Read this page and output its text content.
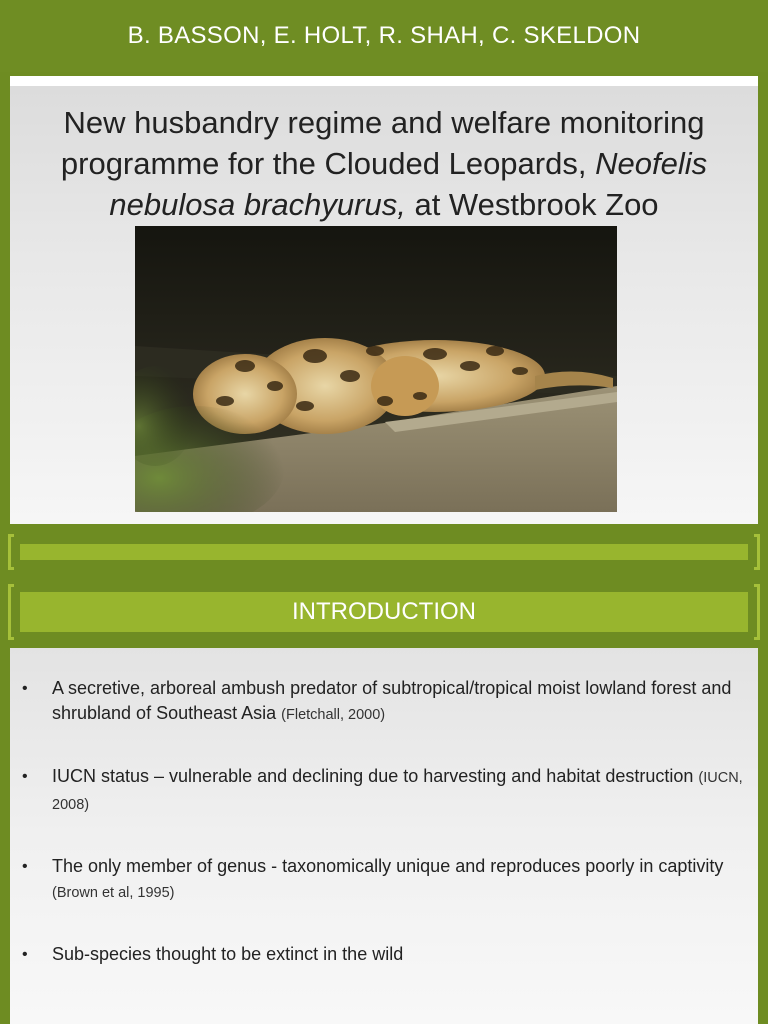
B. BASSON, E. HOLT, R. SHAH, C. SKELDON
New husbandry regime and welfare monitoring programme for the Clouded Leopards, Neofelis nebulosa brachyurus, at Westbrook Zoo
INTRODUCTION
• A secretive, arboreal ambush predator of subtropical/tropical moist lowland forest and shrubland of Southeast Asia (Fletchall, 2000)
• IUCN status – vulnerable and declining due to harvesting and habitat destruction (IUCN, 2008)
• The only member of genus - taxonomically unique and reproduces poorly in captivity (Brown et al, 1995)
• Sub-species thought to be extinct in the wild
